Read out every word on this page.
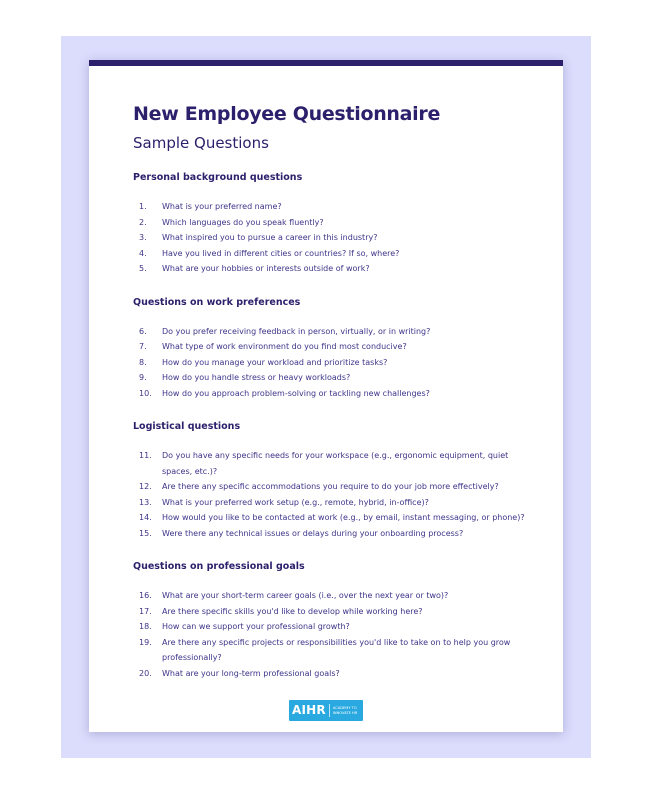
New Employee Questionnaire
Sample Questions
Personal background questions
1.	What is your preferred name?
2.	Which languages do you speak fluently?
3.	What inspired you to pursue a career in this industry?
4.	Have you lived in different cities or countries? If so, where?
5.	What are your hobbies or interests outside of work?
Questions on work preferences
6.	Do you prefer receiving feedback in person, virtually, or in writing?
7.	What type of work environment do you find most conducive?
8.	How do you manage your workload and prioritize tasks?
9.	How do you handle stress or heavy workloads?
10.	How do you approach problem-solving or tackling new challenges?
Logistical questions
11.	Do you have any specific needs for your workspace (e.g., ergonomic equipment, quiet spaces, etc.)?
12.	Are there any specific accommodations you require to do your job more effectively?
13.	What is your preferred work setup (e.g., remote, hybrid, in-office)?
14.	How would you like to be contacted at work (e.g., by email, instant messaging, or phone)?
15.	Were there any technical issues or delays during your onboarding process?
Questions on professional goals
16.	What are your short-term career goals (i.e., over the next year or two)?
17.	Are there specific skills you'd like to develop while working here?
18.	How can we support your professional growth?
19.	Are there any specific projects or responsibilities you'd like to take on to help you grow professionally?
20.	What are your long-term professional goals?
AIHR	ACADEMY TO
INNOVATE HR
